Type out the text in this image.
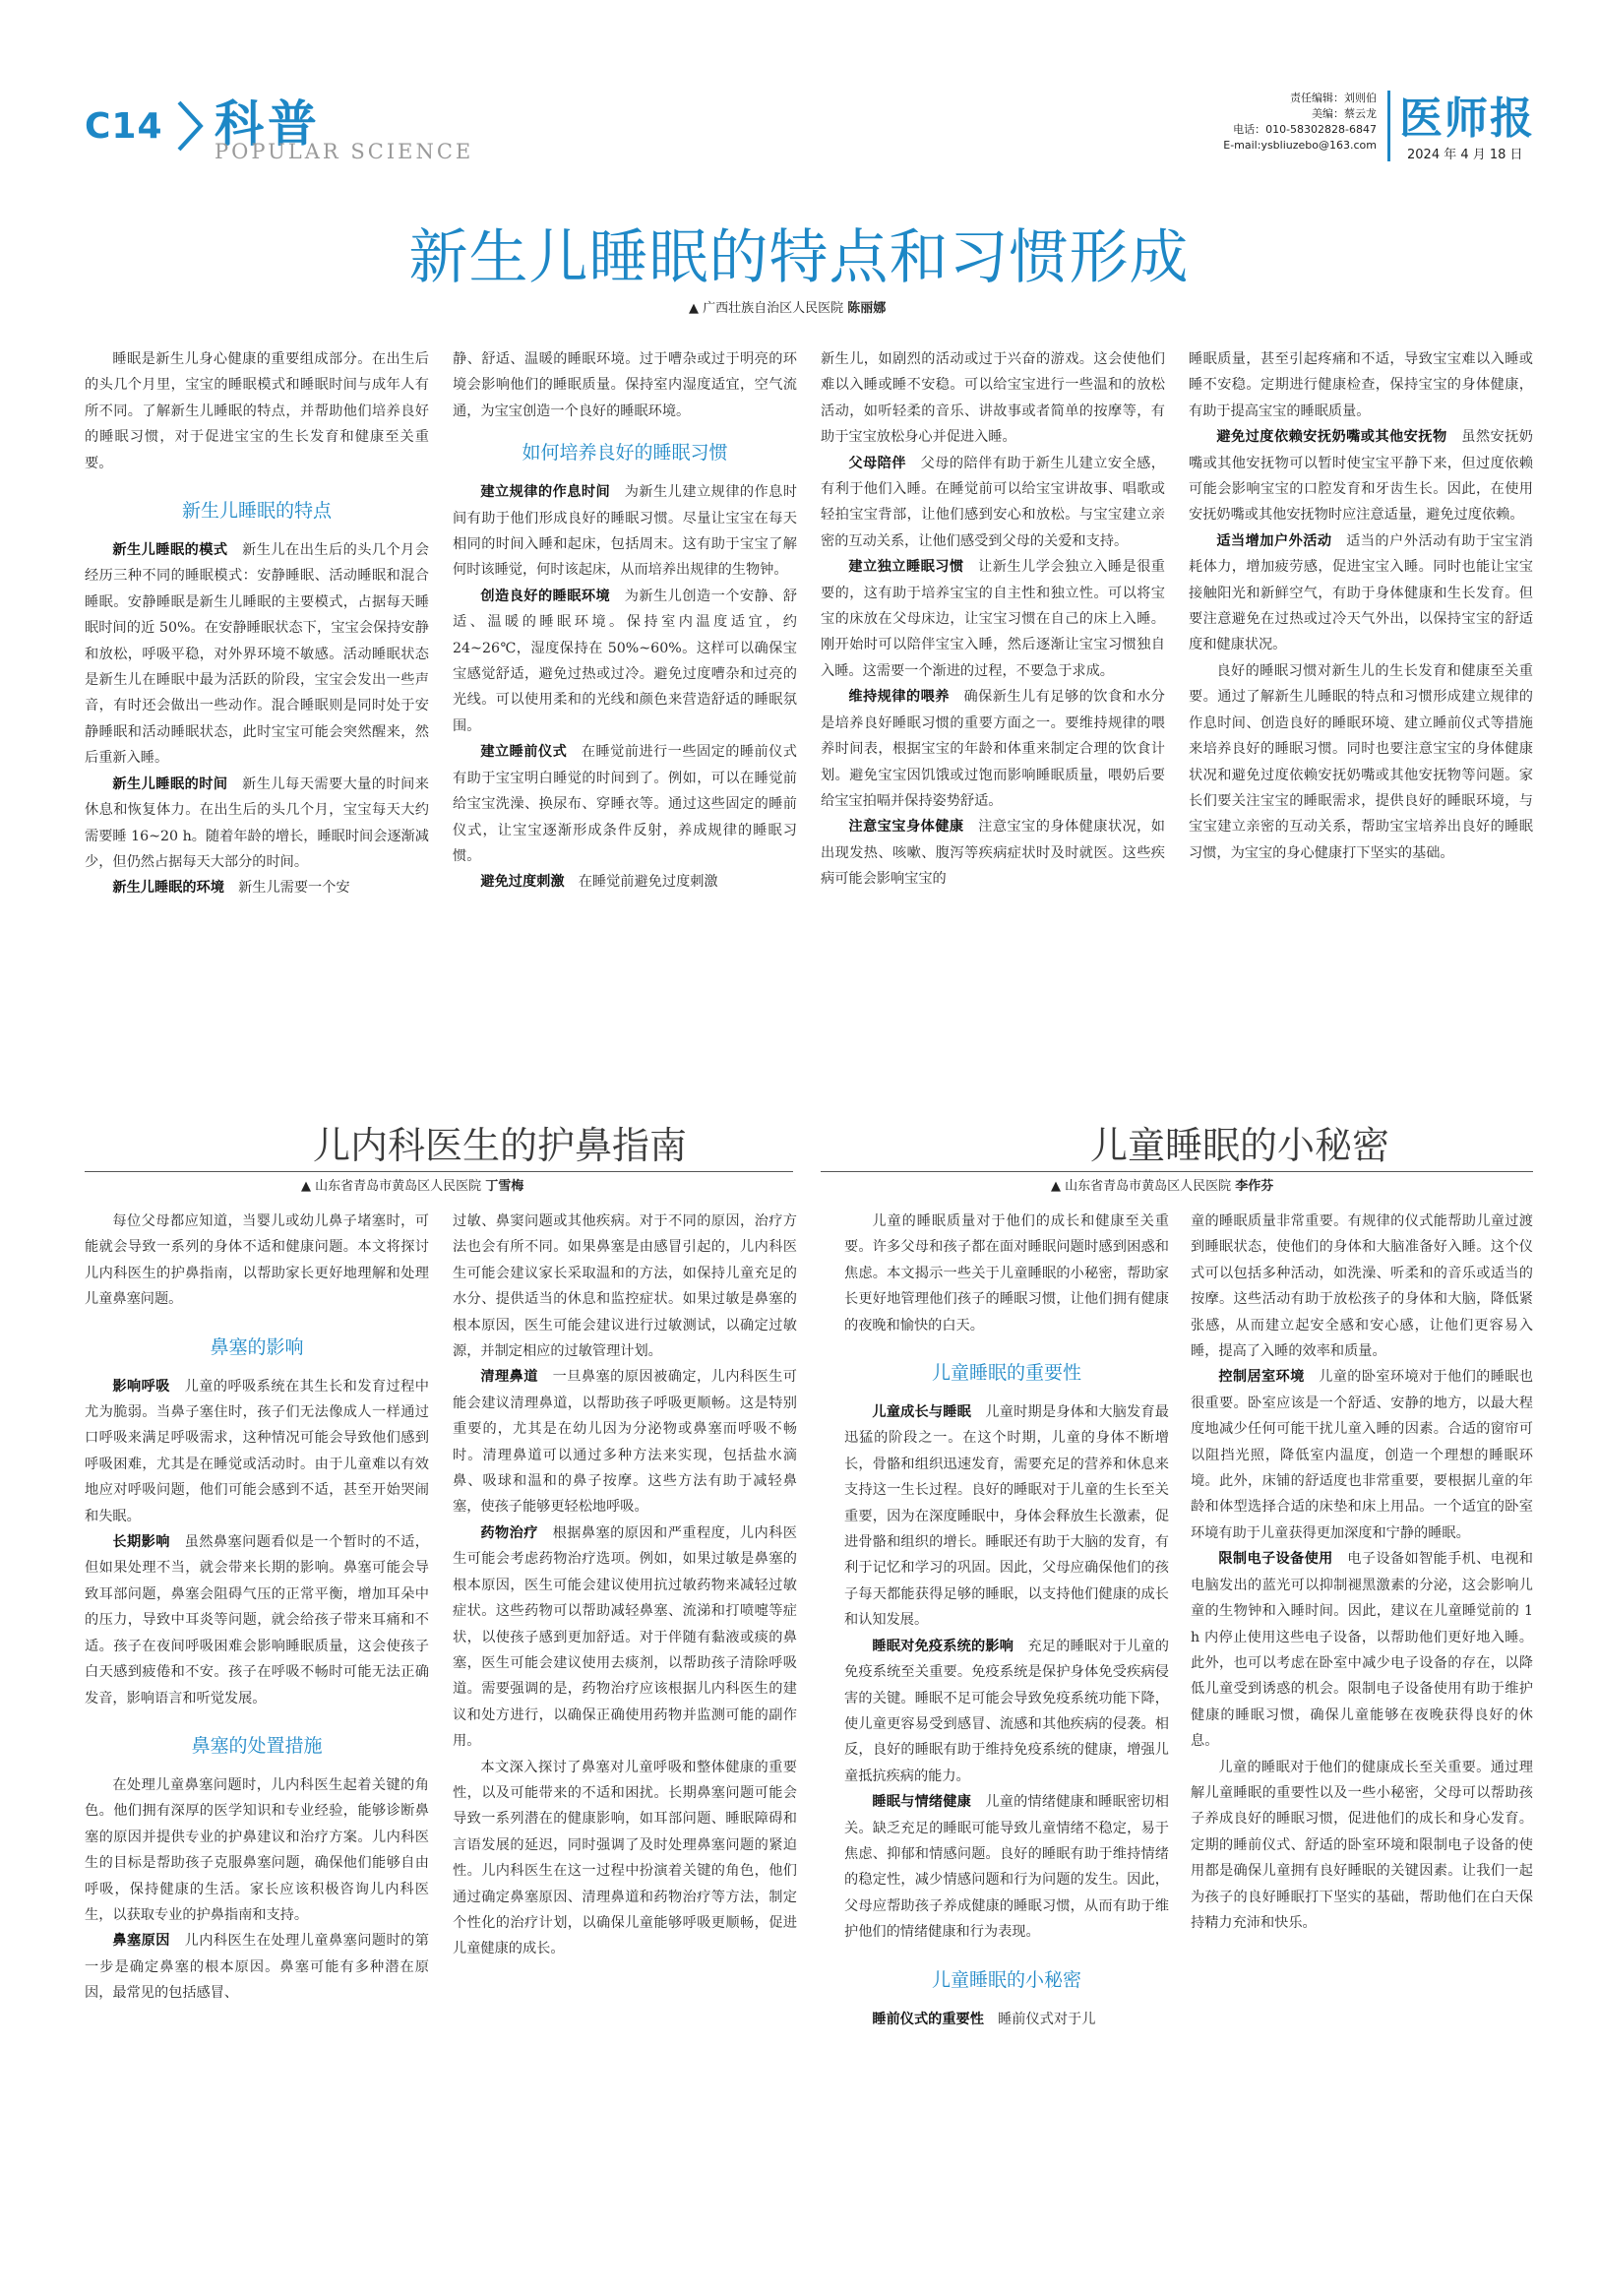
C14 科普
POPULAR SCIENCE
责任编辑：刘则伯
美编：蔡云龙
电话：010-58302828-6847
E-mail:ysbliuzebo@163.com
医师报
2024 年 4 月 18 日
新生儿睡眠的特点和习惯形成
▲ 广西壮族自治区人民医院 陈丽娜

睡眠是新生儿身心健康的重要组成部分。在出生后的头几个月里，宝宝的睡眠模式和睡眠时间与成年人有所不同。了解新生儿睡眠的特点，并帮助他们培养良好的睡眠习惯，对于促进宝宝的生长发育和健康至关重要。

新生儿睡眠的特点

新生儿睡眠的模式　 新生儿在出生后的头几个月会经历三种不同的睡眠模式：安静睡眠、活动睡眠和混合睡眠。安静睡眠是新生儿睡眠的主要模式，占据每天睡眠时间的近 50%。在安静睡眠状态下，宝宝会保持安静和放松，呼吸平稳，对外界环境不敏感。活动睡眠状态是新生儿在睡眠中最为活跃的阶段，宝宝会发出一些声音，有时还会做出一些动作。混合睡眠则是同时处于安静睡眠和活动睡眠状态，此时宝宝可能会突然醒来，然后重新入睡。

新生儿睡眠的时间　 新生儿每天需要大量的时间来休息和恢复体力。在出生后的头几个月，宝宝每天大约需要睡 16~20 h。随着年龄的增长，睡眠时间会逐渐减少，但仍然占据每天大部分的时间。

新生儿睡眠的环境　 新生儿需要一个安

静、舒适、温暖的睡眠环境。过于嘈杂或过于明亮的环境会影响他们的睡眠质量。保持室内湿度适宜，空气流通，为宝宝创造一个良好的睡眠环境。

如何培养良好的睡眠习惯

建立规律的作息时间　 为新生儿建立规律的作息时间有助于他们形成良好的睡眠习惯。尽量让宝宝在每天相同的时间入睡和起床，包括周末。这有助于宝宝了解何时该睡觉，何时该起床，从而培养出规律的生物钟。

创造良好的睡眠环境　 为新生儿创造一个安静、舒适、温暖的睡眠环境。保持室内温度适宜，约 24~26℃，湿度保持在 50%~60%。这样可以确保宝宝感觉舒适，避免过热或过冷。避免过度嘈杂和过亮的光线。可以使用柔和的光线和颜色来营造舒适的睡眠氛围。

建立睡前仪式　 在睡觉前进行一些固定的睡前仪式有助于宝宝明白睡觉的时间到了。例如，可以在睡觉前给宝宝洗澡、换尿布、穿睡衣等。通过这些固定的睡前仪式，让宝宝逐渐形成条件反射，养成规律的睡眠习惯。

避免过度刺激　 在睡觉前避免过度刺激

新生儿，如剧烈的活动或过于兴奋的游戏。这会使他们难以入睡或睡不安稳。可以给宝宝进行一些温和的放松活动，如听轻柔的音乐、讲故事或者简单的按摩等，有助于宝宝放松身心并促进入睡。

父母陪伴　 父母的陪伴有助于新生儿建立安全感，有利于他们入睡。在睡觉前可以给宝宝讲故事、唱歌或轻拍宝宝背部，让他们感到安心和放松。与宝宝建立亲密的互动关系，让他们感受到父母的关爱和支持。

建立独立睡眠习惯　 让新生儿学会独立入睡是很重要的，这有助于培养宝宝的自主性和独立性。可以将宝宝的床放在父母床边，让宝宝习惯在自己的床上入睡。刚开始时可以陪伴宝宝入睡，然后逐渐让宝宝习惯独自入睡。这需要一个渐进的过程，不要急于求成。

维持规律的喂养　 确保新生儿有足够的饮食和水分是培养良好睡眠习惯的重要方面之一。要维持规律的喂养时间表，根据宝宝的年龄和体重来制定合理的饮食计划。避免宝宝因饥饿或过饱而影响睡眠质量，喂奶后要给宝宝拍嗝并保持姿势舒适。

注意宝宝身体健康　 注意宝宝的身体健康状况，如出现发热、咳嗽、腹泻等疾病症状时及时就医。这些疾病可能会影响宝宝的

睡眠质量，甚至引起疼痛和不适，导致宝宝难以入睡或睡不安稳。定期进行健康检查，保持宝宝的身体健康，有助于提高宝宝的睡眠质量。

避免过度依赖安抚奶嘴或其他安抚物　 虽然安抚奶嘴或其他安抚物可以暂时使宝宝平静下来，但过度依赖可能会影响宝宝的口腔发育和牙齿生长。因此，在使用安抚奶嘴或其他安抚物时应注意适量，避免过度依赖。

适当增加户外活动　 适当的户外活动有助于宝宝消耗体力，增加疲劳感，促进宝宝入睡。同时也能让宝宝接触阳光和新鲜空气，有助于身体健康和生长发育。但要注意避免在过热或过冷天气外出，以保持宝宝的舒适度和健康状况。

良好的睡眠习惯对新生儿的生长发育和健康至关重要。通过了解新生儿睡眠的特点和习惯形成建立规律的作息时间、创造良好的睡眠环境、建立睡前仪式等措施来培养良好的睡眠习惯。同时也要注意宝宝的身体健康状况和避免过度依赖安抚奶嘴或其他安抚物等问题。家长们要关注宝宝的睡眠需求，提供良好的睡眠环境，与宝宝建立亲密的互动关系，帮助宝宝培养出良好的睡眠习惯，为宝宝的身心健康打下坚实的基础。

儿内科医生的护鼻指南
▲ 山东省青岛市黄岛区人民医院 丁雪梅

每位父母都应知道，当婴儿或幼儿鼻子堵塞时，可能就会导致一系列的身体不适和健康问题。本文将探讨儿内科医生的护鼻指南，以帮助家长更好地理解和处理儿童鼻塞问题。

鼻塞的影响

影响呼吸　 儿童的呼吸系统在其生长和发育过程中尤为脆弱。当鼻子塞住时，孩子们无法像成人一样通过口呼吸来满足呼吸需求，这种情况可能会导致他们感到呼吸困难，尤其是在睡觉或活动时。由于儿童难以有效地应对呼吸问题，他们可能会感到不适，甚至开始哭闹和失眠。

长期影响　 虽然鼻塞问题看似是一个暂时的不适，但如果处理不当，就会带来长期的影响。鼻塞可能会导致耳部问题，鼻塞会阻碍气压的正常平衡，增加耳朵中的压力，导致中耳炎等问题，就会给孩子带来耳痛和不适。孩子在夜间呼吸困难会影响睡眠质量，这会使孩子白天感到疲倦和不安。孩子在呼吸不畅时可能无法正确发音，影响语言和听觉发展。

鼻塞的处置措施

在处理儿童鼻塞问题时，儿内科医生起着关键的角色。他们拥有深厚的医学知识和专业经验，能够诊断鼻塞的原因并提供专业的护鼻建议和治疗方案。儿内科医生的目标是帮助孩子克服鼻塞问题，确保他们能够自由呼吸，保持健康的生活。家长应该积极咨询儿内科医生，以获取专业的护鼻指南和支持。

鼻塞原因　 儿内科医生在处理儿童鼻塞问题时的第一步是确定鼻塞的根本原因。鼻塞可能有多种潜在原因，最常见的包括感冒、

过敏、鼻窦问题或其他疾病。对于不同的原因，治疗方法也会有所不同。如果鼻塞是由感冒引起的，儿内科医生可能会建议家长采取温和的方法，如保持儿童充足的水分、提供适当的休息和监控症状。如果过敏是鼻塞的根本原因，医生可能会建议进行过敏测试，以确定过敏源，并制定相应的过敏管理计划。

清理鼻道　 一旦鼻塞的原因被确定，儿内科医生可能会建议清理鼻道，以帮助孩子呼吸更顺畅。这是特别重要的，尤其是在幼儿因为分泌物或鼻塞而呼吸不畅时。清理鼻道可以通过多种方法来实现，包括盐水滴鼻、吸球和温和的鼻子按摩。这些方法有助于减轻鼻塞，使孩子能够更轻松地呼吸。

药物治疗　 根据鼻塞的原因和严重程度，儿内科医生可能会考虑药物治疗选项。例如，如果过敏是鼻塞的根本原因，医生可能会建议使用抗过敏药物来减轻过敏症状。这些药物可以帮助减轻鼻塞、流涕和打喷嚏等症状，以使孩子感到更加舒适。对于伴随有黏液或痰的鼻塞，医生可能会建议使用去痰剂，以帮助孩子清除呼吸道。需要强调的是，药物治疗应该根据儿内科医生的建议和处方进行，以确保正确使用药物并监测可能的副作用。

本文深入探讨了鼻塞对儿童呼吸和整体健康的重要性，以及可能带来的不适和困扰。长期鼻塞问题可能会导致一系列潜在的健康影响，如耳部问题、睡眠障碍和言语发展的延迟，同时强调了及时处理鼻塞问题的紧迫性。儿内科医生在这一过程中扮演着关键的角色，他们通过确定鼻塞原因、清理鼻道和药物治疗等方法，制定个性化的治疗计划，以确保儿童能够呼吸更顺畅，促进儿童健康的成长。

儿童睡眠的小秘密
▲ 山东省青岛市黄岛区人民医院 李作芬

儿童的睡眠质量对于他们的成长和健康至关重要。许多父母和孩子都在面对睡眠问题时感到困惑和焦虑。本文揭示一些关于儿童睡眠的小秘密，帮助家长更好地管理他们孩子的睡眠习惯，让他们拥有健康的夜晚和愉快的白天。

儿童睡眠的重要性

儿童成长与睡眠　 儿童时期是身体和大脑发育最迅猛的阶段之一。在这个时期，儿童的身体不断增长，骨骼和组织迅速发育，需要充足的营养和休息来支持这一生长过程。良好的睡眠对于儿童的生长至关重要，因为在深度睡眠中，身体会释放生长激素，促进骨骼和组织的增长。睡眠还有助于大脑的发育，有利于记忆和学习的巩固。因此，父母应确保他们的孩子每天都能获得足够的睡眠，以支持他们健康的成长和认知发展。

睡眠对免疫系统的影响　 充足的睡眠对于儿童的免疫系统至关重要。免疫系统是保护身体免受疾病侵害的关键。睡眠不足可能会导致免疫系统功能下降，使儿童更容易受到感冒、流感和其他疾病的侵袭。相反，良好的睡眠有助于维持免疫系统的健康，增强儿童抵抗疾病的能力。

睡眠与情绪健康　 儿童的情绪健康和睡眠密切相关。缺乏充足的睡眠可能导致儿童情绪不稳定，易于焦虑、抑郁和情感问题。良好的睡眠有助于维持情绪的稳定性，减少情感问题和行为问题的发生。因此，父母应帮助孩子养成健康的睡眠习惯，从而有助于维护他们的情绪健康和行为表现。

儿童睡眠的小秘密

睡前仪式的重要性　 睡前仪式对于儿

童的睡眠质量非常重要。有规律的仪式能帮助儿童过渡到睡眠状态，使他们的身体和大脑准备好入睡。这个仪式可以包括多种活动，如洗澡、听柔和的音乐或适当的按摩。这些活动有助于放松孩子的身体和大脑，降低紧张感，从而建立起安全感和安心感，让他们更容易入睡，提高了入睡的效率和质量。

控制居室环境　 儿童的卧室环境对于他们的睡眠也很重要。卧室应该是一个舒适、安静的地方，以最大程度地减少任何可能干扰儿童入睡的因素。合适的窗帘可以阻挡光照，降低室内温度，创造一个理想的睡眠环境。此外，床铺的舒适度也非常重要，要根据儿童的年龄和体型选择合适的床垫和床上用品。一个适宜的卧室环境有助于儿童获得更加深度和宁静的睡眠。

限制电子设备使用　 电子设备如智能手机、电视和电脑发出的蓝光可以抑制褪黑激素的分泌，这会影响儿童的生物钟和入睡时间。因此，建议在儿童睡觉前的 1 h 内停止使用这些电子设备，以帮助他们更好地入睡。此外，也可以考虑在卧室中减少电子设备的存在，以降低儿童受到诱惑的机会。限制电子设备使用有助于维护健康的睡眠习惯，确保儿童能够在夜晚获得良好的休息。

儿童的睡眠对于他们的健康成长至关重要。通过理解儿童睡眠的重要性以及一些小秘密，父母可以帮助孩子养成良好的睡眠习惯，促进他们的成长和身心发育。定期的睡前仪式、舒适的卧室环境和限制电子设备的使用都是确保儿童拥有良好睡眠的关键因素。让我们一起为孩子的良好睡眠打下坚实的基础，帮助他们在白天保持精力充沛和快乐。
